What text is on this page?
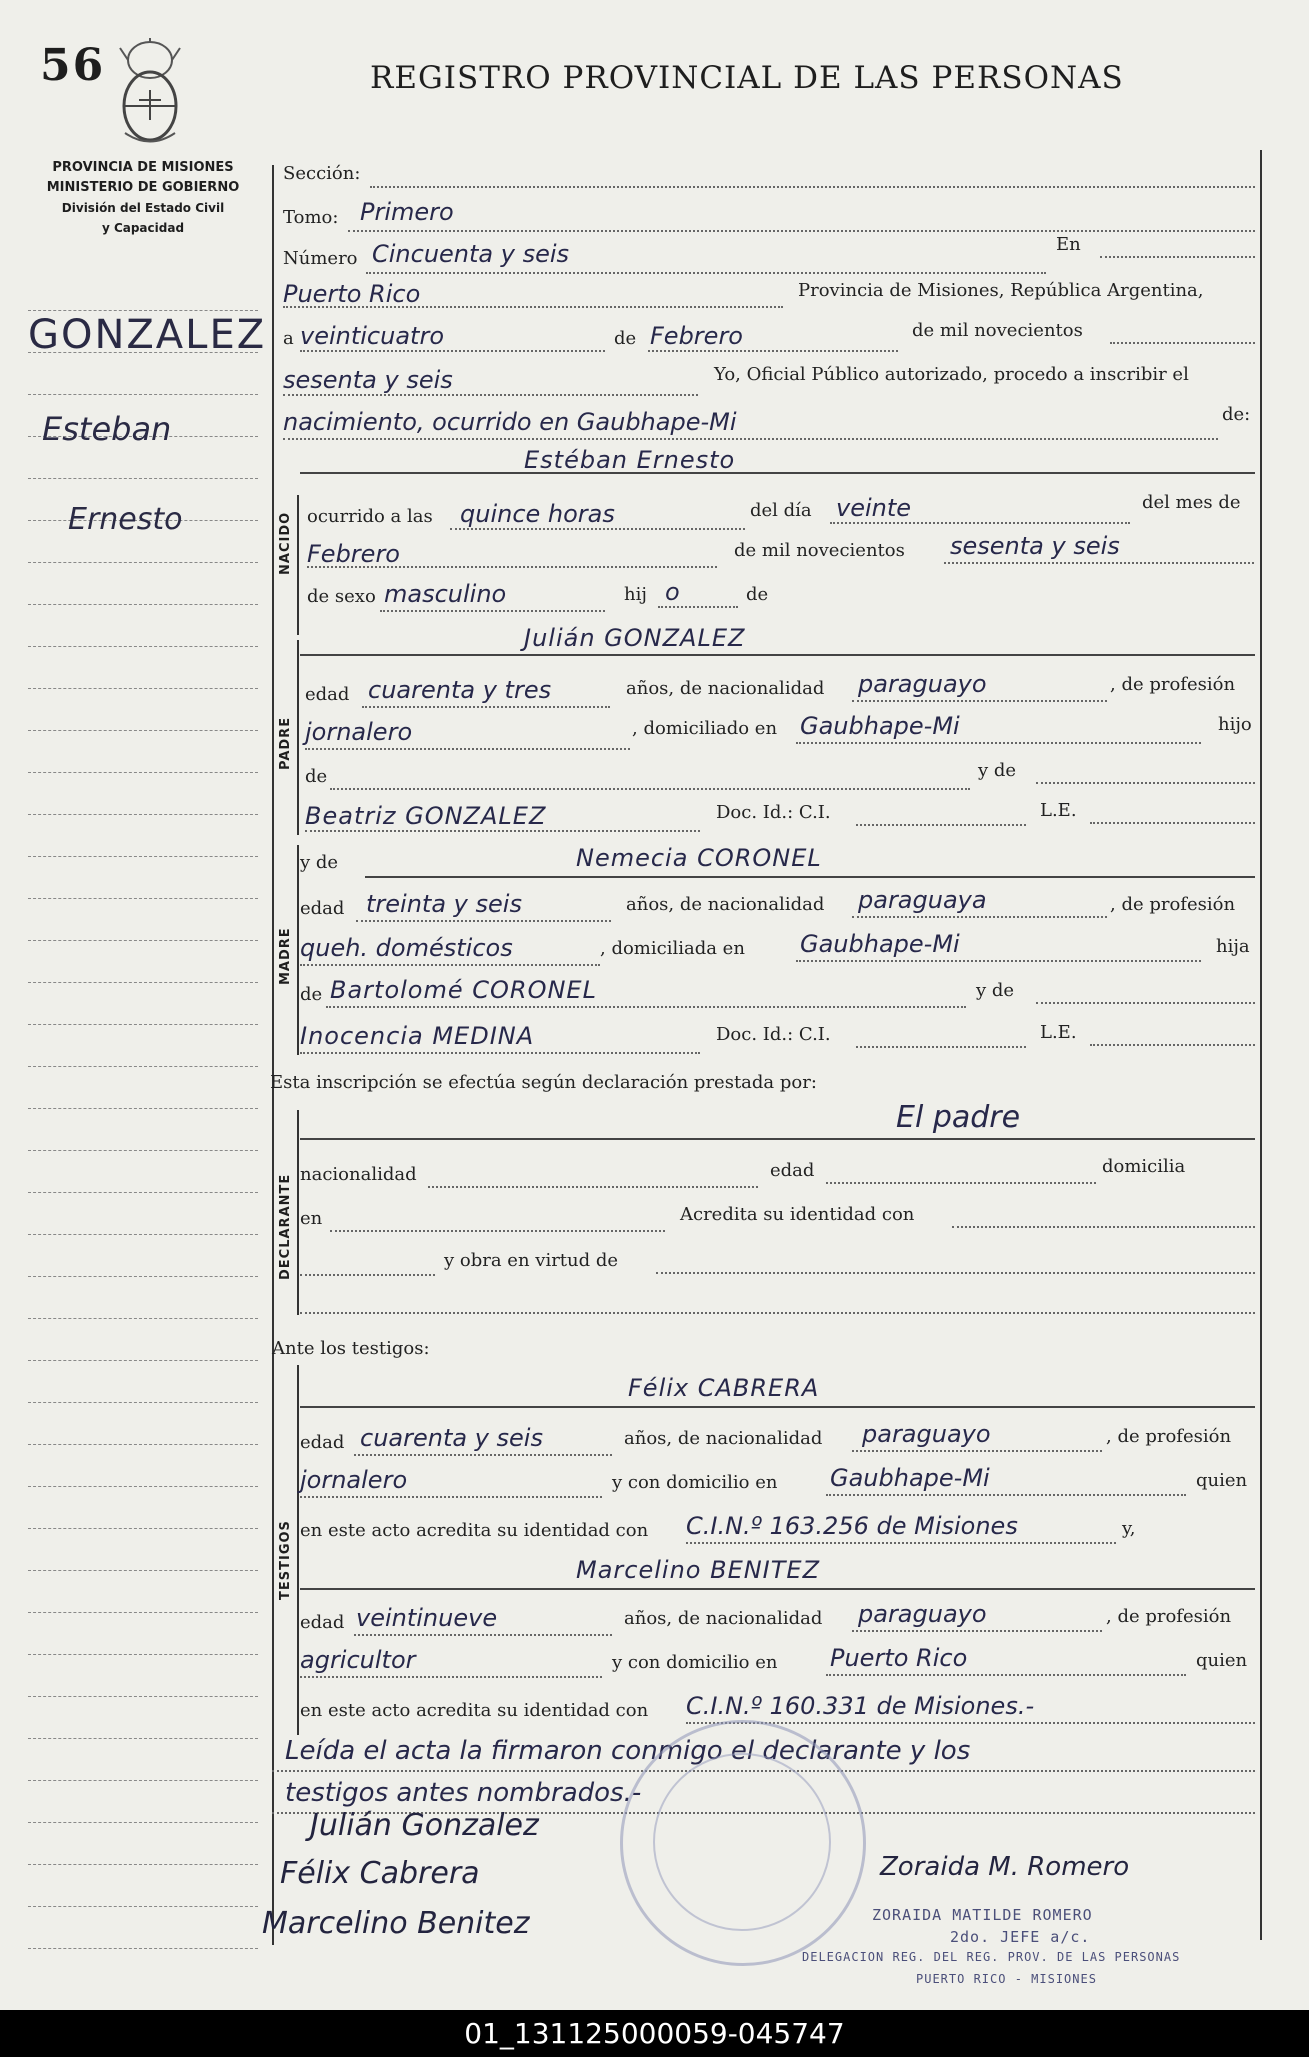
56	REGISTRO PROVINCIAL DE LAS PERSONAS
PROVINCIA DE MISIONES
MINISTERIO DE GOBIERNO
División del Estado Civil
y Capacidad
GONZALEZ
Esteban
Ernesto	NACIDO
PADRE
MADRE
DECLARANTE
TESTIGOS
Sección:
Tomo: Primero
Número Cincuenta y seis	En
Puerto Rico	Provincia de Misiones, República Argentina,
a veinticuatro	de Febrero	de mil novecientos
sesenta y seis	Yo, Oficial Público autorizado, procedo a inscribir el
nacimiento, ocurrido en Gaubhape-Mi	de:
Estéban Ernesto
ocurrido a las quince horas	del día veinte	del mes de
Febrero	de mil novecientos sesenta y seis
de sexo masculino	hij o	de
Julián GONZALEZ
edad cuarenta y tres	años, de nacionalidad paraguayo	, de profesión
jornalero	, domiciliado en Gaubhape-Mi	hijo
de	y de
Beatriz GONZALEZ	Doc. Id.: C.I.	L.E.
y de	Nemecia CORONEL
edad treinta y seis	años, de nacionalidad paraguaya	, de profesión
queh. domésticos	, domiciliada en Gaubhape-Mi	hija
de Bartolomé CORONEL	y de
Inocencia MEDINA	Doc. Id.: C.I.	L.E.
Esta inscripción se efectúa según declaración prestada por:
El padre
nacionalidad	edad	domicilia
en	Acredita su identidad con
y obra en virtud de
Ante los testigos:
Félix CABRERA
edad cuarenta y seis	años, de nacionalidad paraguayo	, de profesión
jornalero	y con domicilio en Gaubhape-Mi	quien
en este acto acredita su identidad con C.I.N.º 163.256 de Misiones	y,
Marcelino BENITEZ
edad veintinueve	años, de nacionalidad paraguayo	, de profesión
agricultor	y con domicilio en Puerto Rico	quien
en este acto acredita su identidad con C.I.N.º 160.331 de Misiones.-
Leída el acta la firmaron conmigo el declarante y los
testigos antes nombrados.-
Julián Gonzalez
Félix Cabrera
Marcelino Benitez
Zoraida M. Romero
ZORAIDA MATILDE ROMERO
2do. JEFE a/c.
DELEGACION REG. DEL REG. PROV. DE LAS PERSONAS
PUERTO RICO - MISIONES
01_131125000059-045747
